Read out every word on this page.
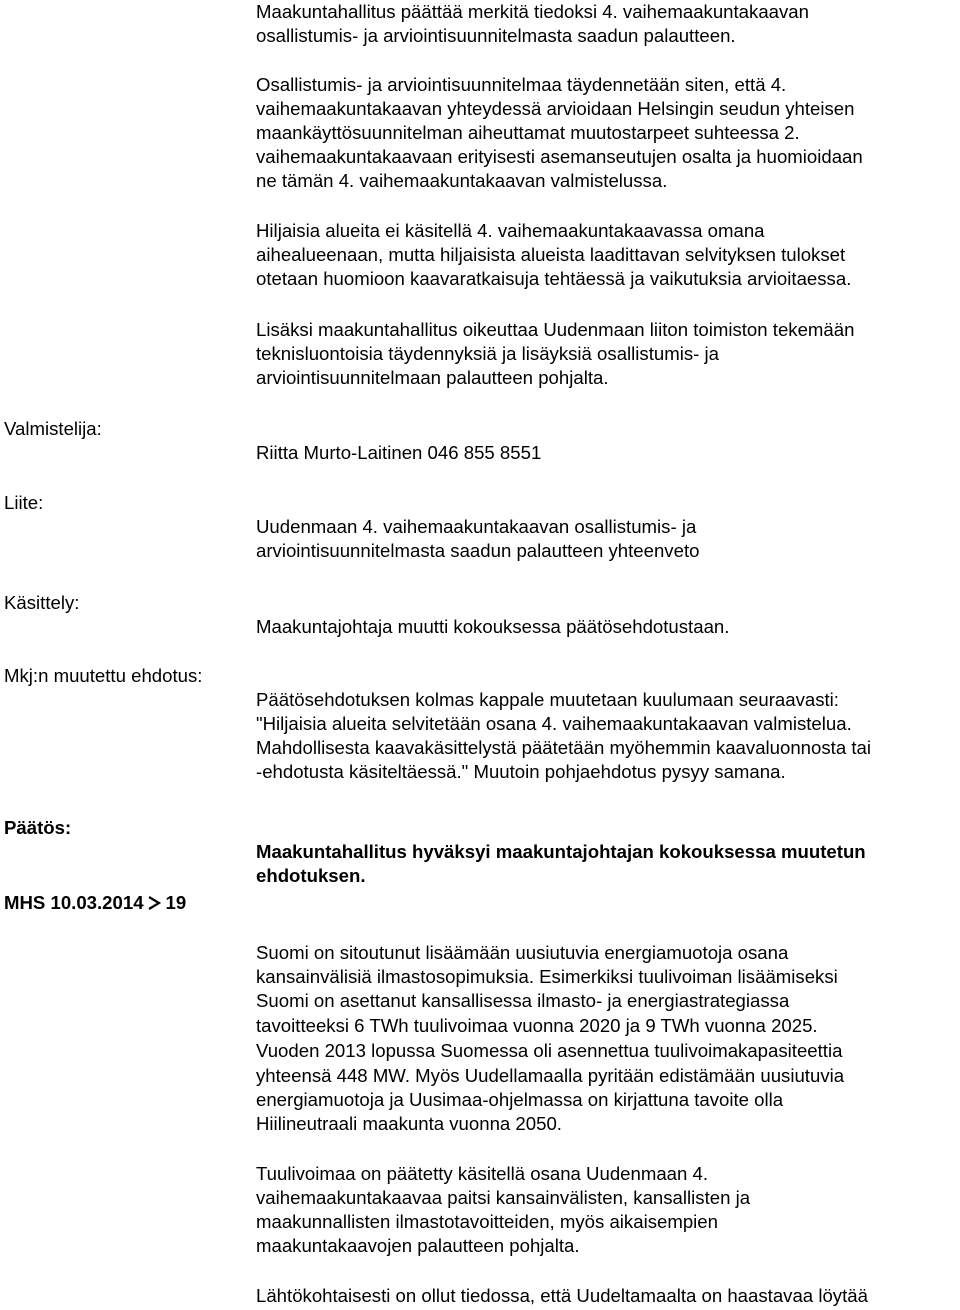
Maakuntahallitus päättää merkitä tiedoksi 4. vaihemaakuntakaavan
osallistumis- ja arviointisuunnitelmasta saadun palautteen.
Osallistumis- ja arviointisuunnitelmaa täydennetään siten, että 4.
vaihemaakuntakaavan yhteydessä arvioidaan Helsingin seudun yhteisen
maankäyttösuunnitelman aiheuttamat muutostarpeet suhteessa 2.
vaihemaakuntakaavaan erityisesti asemanseutujen osalta ja huomioidaan
ne tämän 4. vaihemaakuntakaavan valmistelussa.
Hiljaisia alueita ei käsitellä 4. vaihemaakuntakaavassa omana
aihealueenaan, mutta hiljaisista alueista laadittavan selvityksen tulokset
otetaan huomioon kaavaratkaisuja tehtäessä ja vaikutuksia arvioitaessa.
Lisäksi maakuntahallitus oikeuttaa Uudenmaan liiton toimiston tekemään
teknisluontoisia täydennyksiä ja lisäyksiä osallistumis- ja
arviointisuunnitelmaan palautteen pohjalta.
Valmistelija:
Riitta Murto-Laitinen 046 855 8551
Liite:
Uudenmaan 4. vaihemaakuntakaavan osallistumis- ja
arviointisuunnitelmasta saadun palautteen yhteenveto
Käsittely:
Maakuntajohtaja muutti kokouksessa päätösehdotustaan.
Mkj:n muutettu ehdotus:
Päätösehdotuksen kolmas kappale muutetaan kuulumaan seuraavasti:
"Hiljaisia alueita selvitetään osana 4. vaihemaakuntakaavan valmistelua.
Mahdollisesta kaavakäsittelystä päätetään myöhemmin kaavaluonnosta tai
-ehdotusta käsiteltäessä." Muutoin pohjaehdotus pysyy samana.
Päätös:
Maakuntahallitus hyväksyi maakuntajohtajan kokouksessa muutetun
ehdotuksen.
MHS 10.03.2014 19
Suomi on sitoutunut lisäämään uusiutuvia energiamuotoja osana
kansainvälisiä ilmastosopimuksia. Esimerkiksi tuulivoiman lisäämiseksi
Suomi on asettanut kansallisessa ilmasto- ja energiastrategiassa
tavoitteeksi 6 TWh tuulivoimaa vuonna 2020 ja 9 TWh vuonna 2025.
Vuoden 2013 lopussa Suomessa oli asennettua tuulivoimakapasiteettia
yhteensä 448 MW. Myös Uudellamaalla pyritään edistämään uusiutuvia
energiamuotoja ja Uusimaa-ohjelmassa on kirjattuna tavoite olla
Hiilineutraali maakunta vuonna 2050.
Tuulivoimaa on päätetty käsitellä osana Uudenmaan 4.
vaihemaakuntakaavaa paitsi kansainvälisten, kansallisten ja
maakunnallisten ilmastotavoitteiden, myös aikaisempien
maakuntakaavojen palautteen pohjalta.
Lähtökohtaisesti on ollut tiedossa, että Uudeltamaalta on haastavaa löytää
